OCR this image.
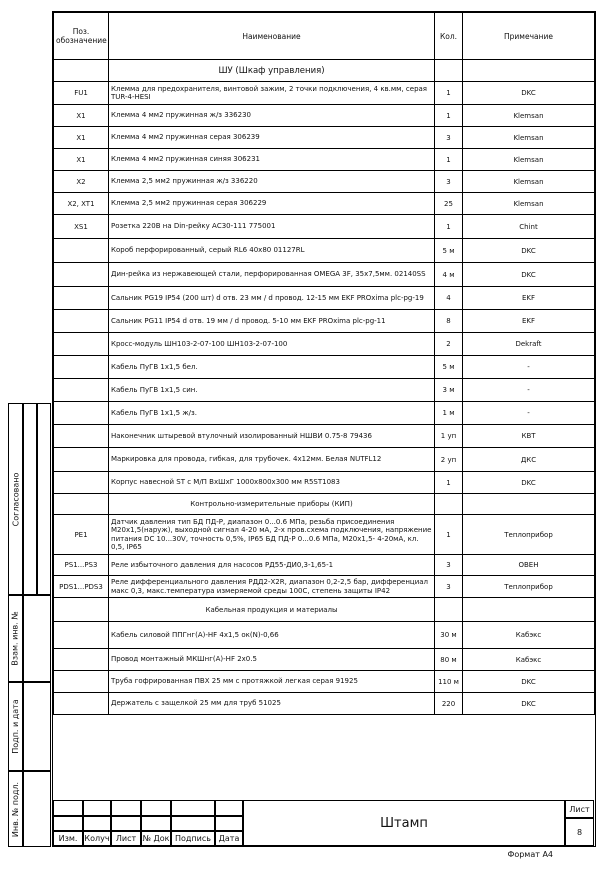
Поз. обозначение	Наименование	Кол.	Примечание
	ШУ (Шкаф управления)		
FU1	Клемма для предохранителя, винтовой зажим, 2 точки подключения, 4 кв.мм, серая TUR-4-HESI	1	DKC
X1	Клемма 4 мм2 пружинная ж/з 336230	1	Klemsan
X1	Клемма 4 мм2 пружинная серая 306239	3	Klemsan
X1	Клемма 4 мм2 пружинная синяя 306231	1	Klemsan
X2	Клемма 2,5 мм2 пружинная ж/з 336220	3	Klemsan
X2, XT1	Клемма 2,5 мм2 пружинная серая 306229	25	Klemsan
XS1	Розетка 220В на Din-рейку АС30-111 775001	1	Chint
	Короб перфорированный, серый RL6 40x80 01127RL	5 м	DKC
	Дин-рейка из нержавеющей стали, перфорированная OMEGA 3F, 35x7,5мм. 02140SS	4 м	DKC
	Сальник PG19 IP54 (200 шт) d отв. 23 мм / d провод. 12-15 мм EKF PROxima plc-pg-19	4	EKF
	Сальник PG11 IP54 d отв. 19 мм / d провод. 5-10 мм EKF PROxima plc-pg-11	8	EKF
	Кросс-модуль ШН103-2-07-100 ШН103-2-07-100	2	Dekraft
	Кабель ПуГВ 1х1,5 бел.	5 м	-
	Кабель ПуГВ 1х1,5 син.	3 м	-
	Кабель ПуГВ 1х1,5 ж/з.	1 м	-
	Наконечник штыревой втулочный изолированный НШВИ 0.75-8 79436	1 уп	КВТ
	Маркировка для провода, гибкая, для трубочек. 4х12мм. Белая NUTFL12	2 уп	ДКС
	Корпус навесной ST с М/П ВхШхГ 1000x800x300 мм R5ST1083	1	DKC
	Контрольно-измерительные приборы (КИП)		
PE1	Датчик давления тип БД ПД-Р, диапазон 0...0.6 МПа, резьба присоединения М20х1,5(наруж), выходной сигнал 4-20 мА, 2-х пров.схема подключения, напряжение питания DC 10...30V, точность 0,5%, IP65 БД ПД-Р 0...0.6 МПа, М20х1,5- 4-20мА, кл. 0,5, IP65	1	Теплоприбор
PS1...PS3	Реле избыточного давления для насосов РД55-ДИ0,3-1,65-1	3	ОВЕН
PDS1...PDS3	Реле дифференциального давления РДД2-Х2R, диапазон 0,2-2,5 бар, дифференциал макс 0,3, макс.температура измеряемой среды 100С, степень защиты IP42	3	Теплоприбор
	Кабельная продукция и материалы		
	Кабель силовой ППГнг(А)-HF 4х1,5 ок(N)-0,66	30 м	Кабэкс
	Провод монтажный МКШнг(А)-HF 2х0.5	80 м	Кабэкс
	Труба гофрированная ПВХ 25 мм с протяжкой легкая серая 91925	110 м	DKC
	Держатель с защелкой 25 мм для труб 51025	220	DKC
Изм. Колуч Лист № Док Подпись Дата
Штамп
Лист
8
Согласовано
Взам. инв. №
Подп. и дата
Инв. № подл.
Формат А4
